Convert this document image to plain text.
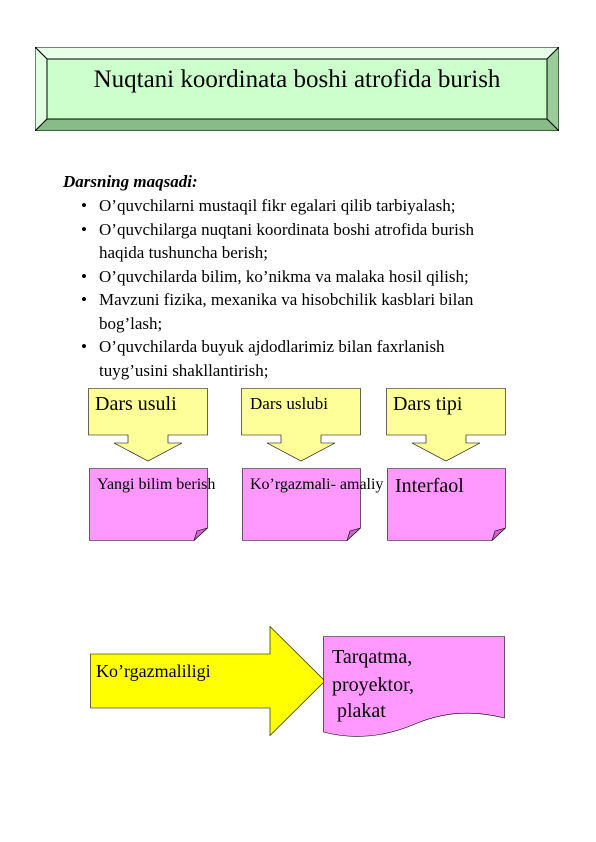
Nuqtani koordinata boshi atrofida burish
Darsning maqsadi:
• O’quvchilarni mustaqil fikr egalari qilib tarbiyalash;
• O’quvchilarga nuqtani koordinata boshi atrofida burish
haqida tushuncha berish;
• O’quvchilarda bilim, ko’nikma va malaka hosil qilish;
• Mavzuni fizika, mexanika va hisobchilik kasblari bilan
bog’lash;
• O’quvchilarda buyuk ajdodlarimiz bilan faxrlanish
tuyg’usini shakllantirish;
Dars usuli	Dars uslubi	Dars tipi
Yangi bilim berish Ko’rgazmali- amaliy Interfaol
Ko’rgazmaliligi
Tarqatma,
proyektor,
plakat
